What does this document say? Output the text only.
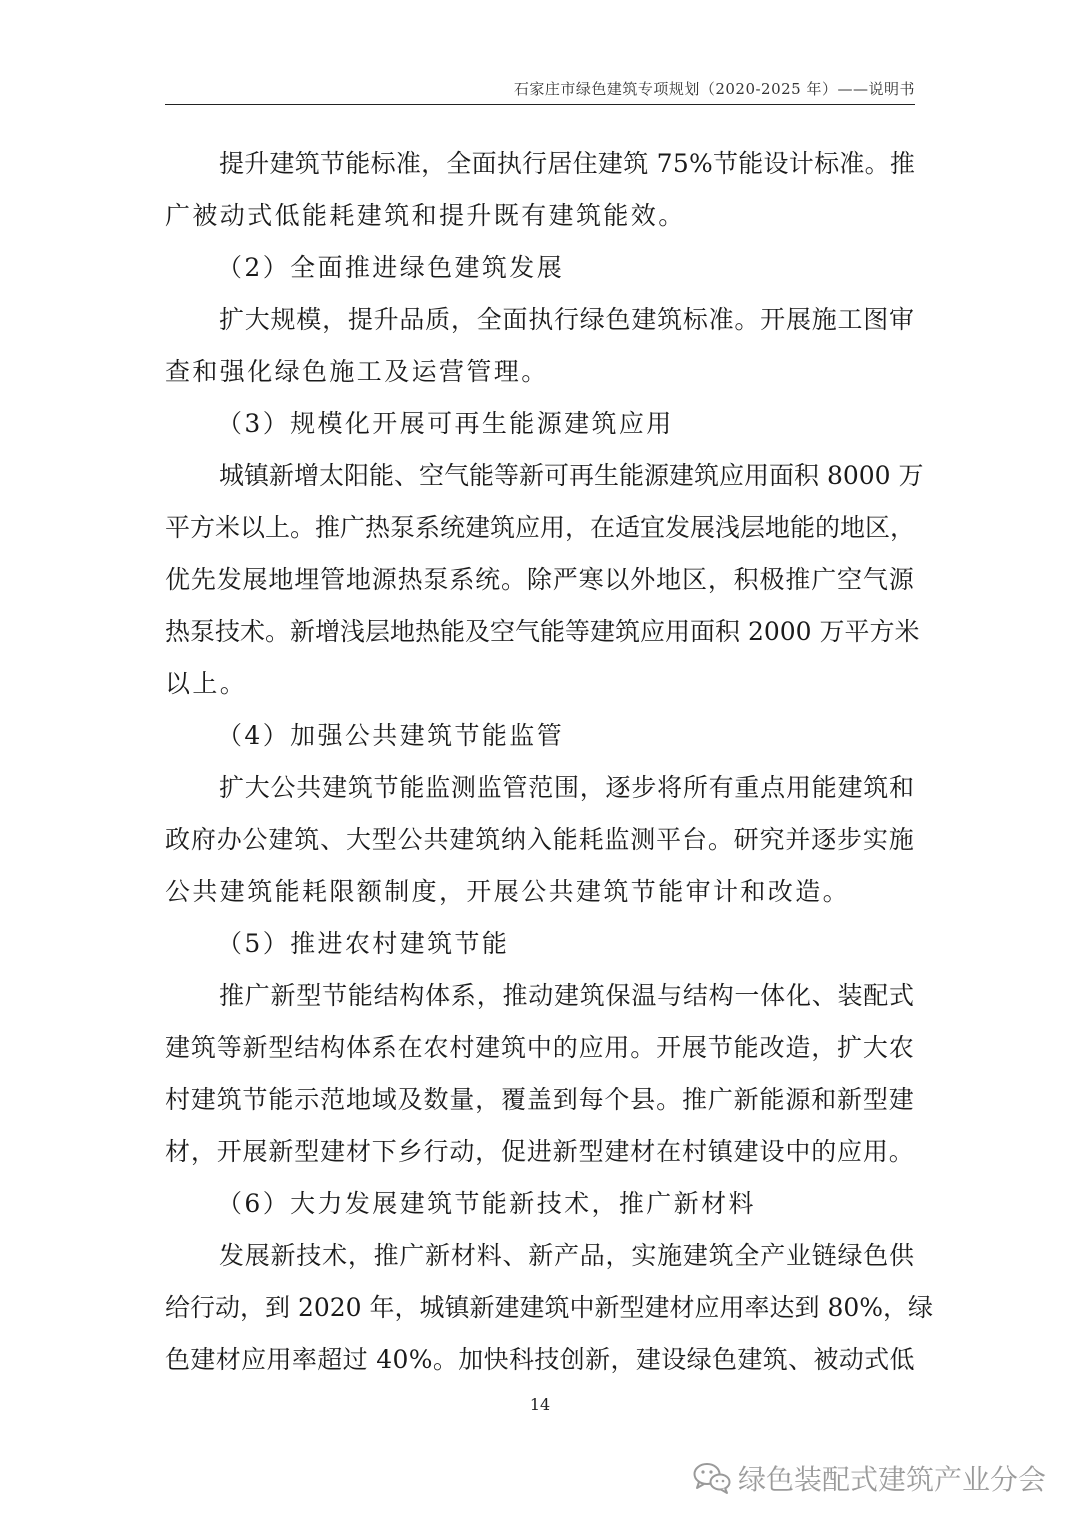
石家庄市绿色建筑专项规划（2020-2025 年）——说明书
提升建筑节能标准，全面执行居住建筑 75%节能设计标准。推
广被动式低能耗建筑和提升既有建筑能效。
（2）全面推进绿色建筑发展
扩大规模，提升品质，全面执行绿色建筑标准。开展施工图审
查和强化绿色施工及运营管理。
（3）规模化开展可再生能源建筑应用
城镇新增太阳能、空气能等新可再生能源建筑应用面积 8000 万
平方米以上。推广热泵系统建筑应用，在适宜发展浅层地能的地区，
优先发展地埋管地源热泵系统。除严寒以外地区，积极推广空气源
热泵技术。新增浅层地热能及空气能等建筑应用面积 2000 万平方米
以上。
（4）加强公共建筑节能监管
扩大公共建筑节能监测监管范围，逐步将所有重点用能建筑和
政府办公建筑、大型公共建筑纳入能耗监测平台。研究并逐步实施
公共建筑能耗限额制度，开展公共建筑节能审计和改造。
（5）推进农村建筑节能
推广新型节能结构体系，推动建筑保温与结构一体化、装配式
建筑等新型结构体系在农村建筑中的应用。开展节能改造，扩大农
村建筑节能示范地域及数量，覆盖到每个县。推广新能源和新型建
材，开展新型建材下乡行动，促进新型建材在村镇建设中的应用。
（6）大力发展建筑节能新技术，推广新材料
发展新技术，推广新材料、新产品，实施建筑全产业链绿色供
给行动，到 2020 年，城镇新建建筑中新型建材应用率达到 80%，绿
色建材应用率超过 40%。加快科技创新，建设绿色建筑、被动式低
14
绿色装配式建筑产业分会
